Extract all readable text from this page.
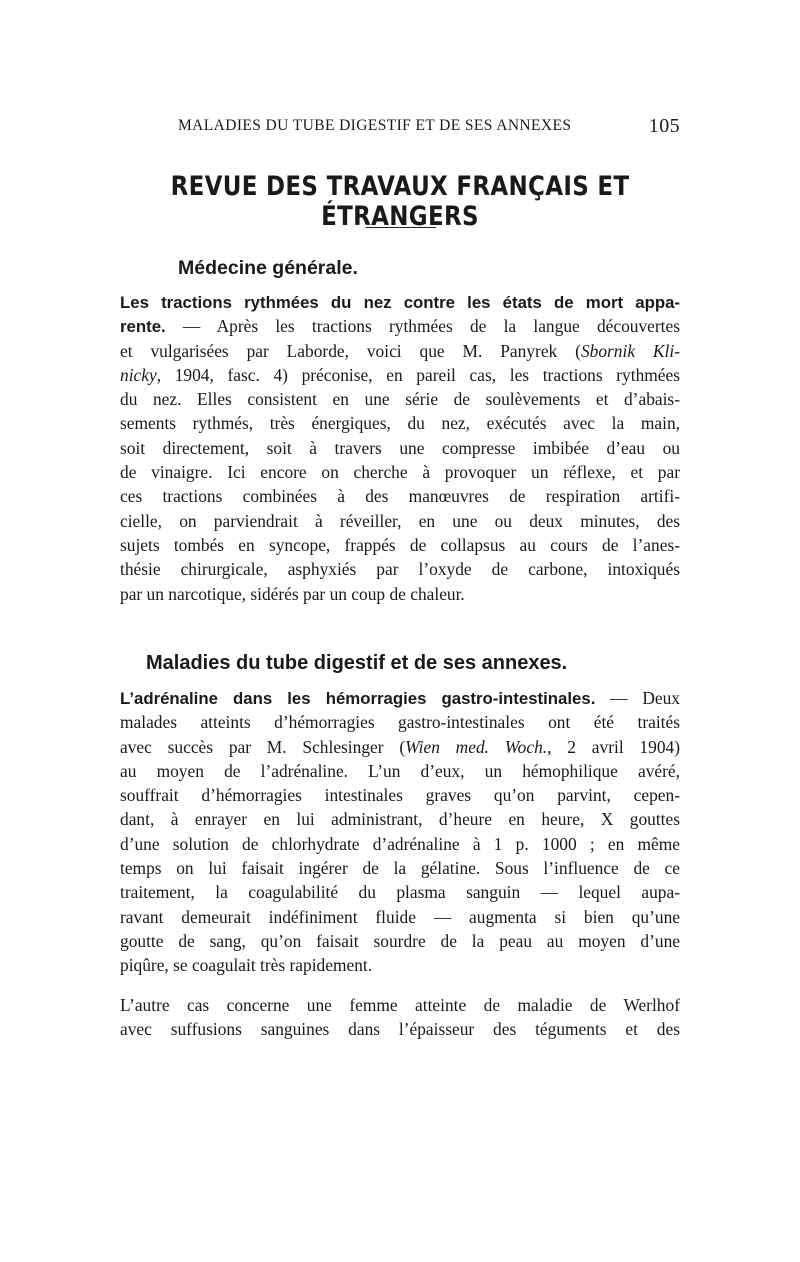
MALADIES DU TUBE DIGESTIF ET DE SES ANNEXES	105
REVUE DES TRAVAUX FRANÇAIS ET ÉTRANGERS
Médecine générale.
Les tractions rythmées du nez contre les états de mort appa-
rente. — Après les tractions rythmées de la langue découvertes
et vulgarisées par Laborde, voici que M. Panyrek (Sbornik Kli-
nicky, 1904, fasc. 4) préconise, en pareil cas, les tractions rythmées
du nez. Elles consistent en une série de soulèvements et d’abais-
sements rythmés, très énergiques, du nez, exécutés avec la main,
soit directement, soit à travers une compresse imbibée d’eau ou
de vinaigre. Ici encore on cherche à provoquer un réflexe, et par
ces tractions combinées à des manœuvres de respiration artifi-
cielle, on parviendrait à réveiller, en une ou deux minutes, des
sujets tombés en syncope, frappés de collapsus au cours de l’anes-
thésie chirurgicale, asphyxiés par l’oxyde de carbone, intoxiqués
par un narcotique, sidérés par un coup de chaleur.
Maladies du tube digestif et de ses annexes.
L’adrénaline dans les hémorragies gastro-intestinales. — Deux
malades atteints d’hémorragies gastro-intestinales ont été traités
avec succès par M. Schlesinger (Wien med. Woch., 2 avril 1904)
au moyen de l’adrénaline. L’un d’eux, un hémophilique avéré,
souffrait d’hémorragies intestinales graves qu’on parvint, cepen-
dant, à enrayer en lui administrant, d’heure en heure, X gouttes
d’une solution de chlorhydrate d’adrénaline à 1 p. 1000 ; en même
temps on lui faisait ingérer de la gélatine. Sous l’influence de ce
traitement, la coagulabilité du plasma sanguin — lequel aupa-
ravant demeurait indéfiniment fluide — augmenta si bien qu’une
goutte de sang, qu’on faisait sourdre de la peau au moyen d’une
piqûre, se coagulait très rapidement.
L’autre cas concerne une femme atteinte de maladie de Werlhof
avec suffusions sanguines dans l’épaisseur des téguments et des
